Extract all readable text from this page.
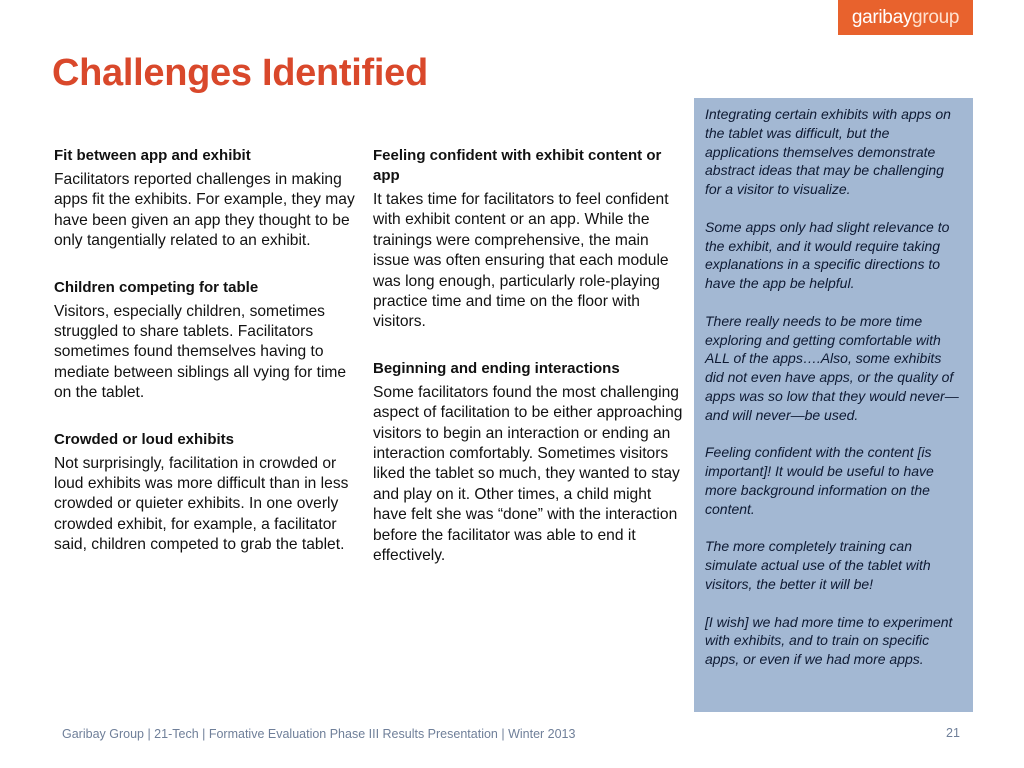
garibay group
Challenges Identified
Fit between app and exhibit

Facilitators reported challenges in making apps fit the exhibits. For example, they may have been given an app they thought to be only tangentially related to an exhibit.

Children competing for table

Visitors, especially children, sometimes struggled to share tablets. Facilitators sometimes found themselves having to mediate between siblings all vying for time on the tablet.

Crowded or loud exhibits

Not surprisingly, facilitation in crowded or loud exhibits was more difficult than in less crowded or quieter exhibits. In one overly crowded exhibit, for example, a facilitator said, children competed to grab the tablet.

Feeling confident with exhibit content or app

It takes time for facilitators to feel confident with exhibit content or an app. While the trainings were comprehensive, the main issue was often ensuring that each module was long enough, particularly role-playing practice time and time on the floor with visitors.

Beginning and ending interactions

Some facilitators found the most challenging aspect of facilitation to be either approaching visitors to begin an interaction or ending an interaction comfortably. Sometimes visitors liked the tablet so much, they wanted to stay and play on it. Other times, a child might have felt she was “done” with the interaction before the facilitator was able to end it effectively.

Integrating certain exhibits with apps on the tablet was difficult, but the applications themselves demonstrate abstract ideas that may be challenging for a visitor to visualize.

Some apps only had slight relevance to the exhibit, and it would require taking explanations in a specific directions to have the app be helpful.

There really needs to be more time exploring and getting comfortable with ALL of the apps….Also, some exhibits did not even have apps, or the quality of apps was so low that they would never—and will never—be used.

Feeling confident with the content [is important]! It would be useful to have more background information on the content.

The more completely training can simulate actual use of the tablet with visitors, the better it will be!

[I wish] we had more time to experiment with exhibits, and to train on specific apps, or even if we had more apps.

Garibay Group | 21-Tech | Formative Evaluation Phase III Results Presentation | Winter 2013	21
